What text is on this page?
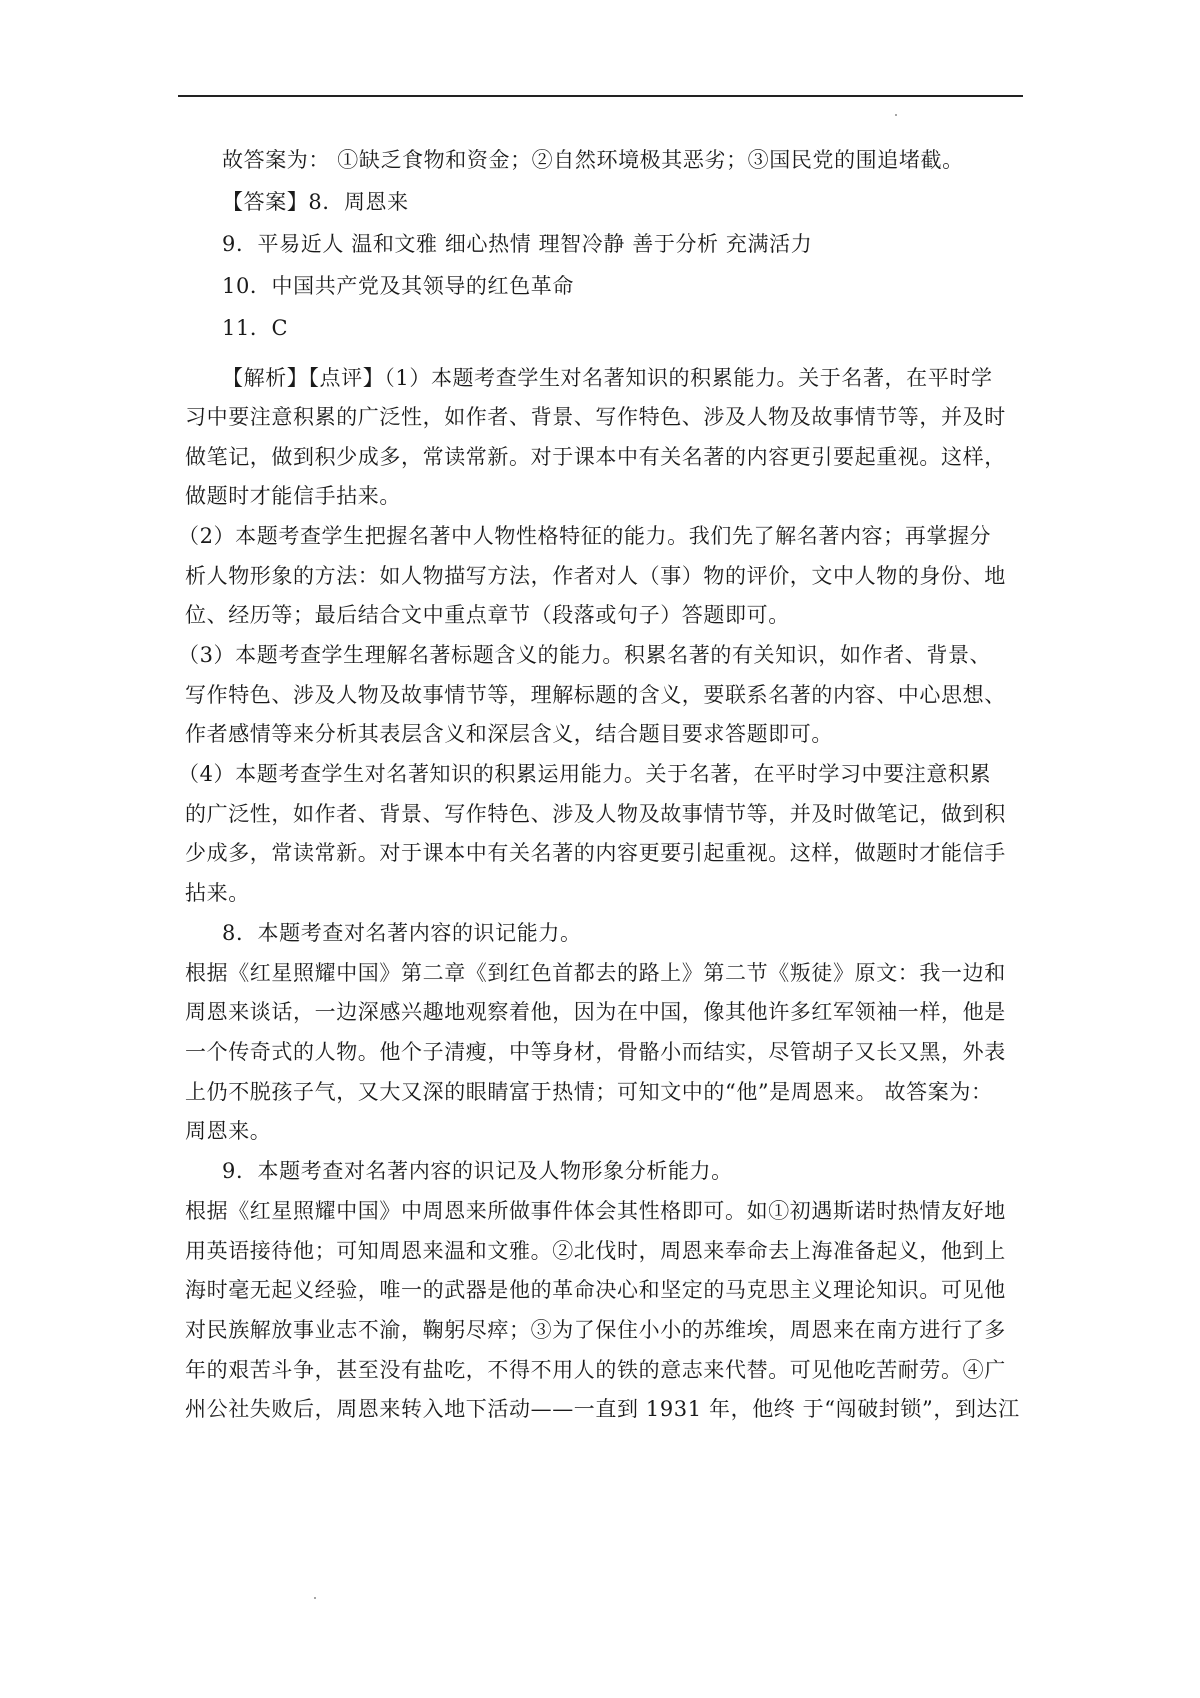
故答案为： ①缺乏食物和资金；②自然环境极其恶劣；③国民党的围追堵截。
【答案】8．周恩来
9．平易近人 温和文雅 细心热情 理智冷静 善于分析 充满活力
10．中国共产党及其领导的红色革命
11．C
【解析】【点评】（1）本题考查学生对名著知识的积累能力。关于名著，在平时学
习中要注意积累的广泛性，如作者、背景、写作特色、涉及人物及故事情节等，并及时
做笔记，做到积少成多，常读常新。对于课本中有关名著的内容更引要起重视。这样，
做题时才能信手拈来。
（2）本题考查学生把握名著中人物性格特征的能力。我们先了解名著内容；再掌握分
析人物形象的方法：如人物描写方法，作者对人（事）物的评价，文中人物的身份、地
位、经历等；最后结合文中重点章节（段落或句子）答题即可。
（3）本题考查学生理解名著标题含义的能力。积累名著的有关知识，如作者、背景、
写作特色、涉及人物及故事情节等，理解标题的含义，要联系名著的内容、中心思想、
作者感情等来分析其表层含义和深层含义，结合题目要求答题即可。
（4）本题考查学生对名著知识的积累运用能力。关于名著，在平时学习中要注意积累
的广泛性，如作者、背景、写作特色、涉及人物及故事情节等，并及时做笔记，做到积
少成多，常读常新。对于课本中有关名著的内容更要引起重视。这样，做题时才能信手
拈来。
8．本题考查对名著内容的识记能力。
根据《红星照耀中国》第二章《到红色首都去的路上》第二节《叛徒》原文：我一边和
周恩来谈话，一边深感兴趣地观察着他，因为在中国，像其他许多红军领袖一样，他是
一个传奇式的人物。他个子清瘦，中等身材，骨骼小而结实，尽管胡子又长又黑，外表
上仍不脱孩子气，又大又深的眼睛富于热情；可知文中的“他”是周恩来。 故答案为：
周恩来。
9．本题考查对名著内容的识记及人物形象分析能力。
根据《红星照耀中国》中周恩来所做事件体会其性格即可。如①初遇斯诺时热情友好地
用英语接待他；可知周恩来温和文雅。②北伐时，周恩来奉命去上海准备起义，他到上
海时毫无起义经验，唯一的武器是他的革命决心和坚定的马克思主义理论知识。可见他
对民族解放事业志不渝，鞠躬尽瘁；③为了保住小小的苏维埃，周恩来在南方进行了多
年的艰苦斗争，甚至没有盐吃，不得不用人的铁的意志来代替。可见他吃苦耐劳。④广
州公社失败后，周恩来转入地下活动——一直到 1931 年，他终 于“闯破封锁”，到达江
